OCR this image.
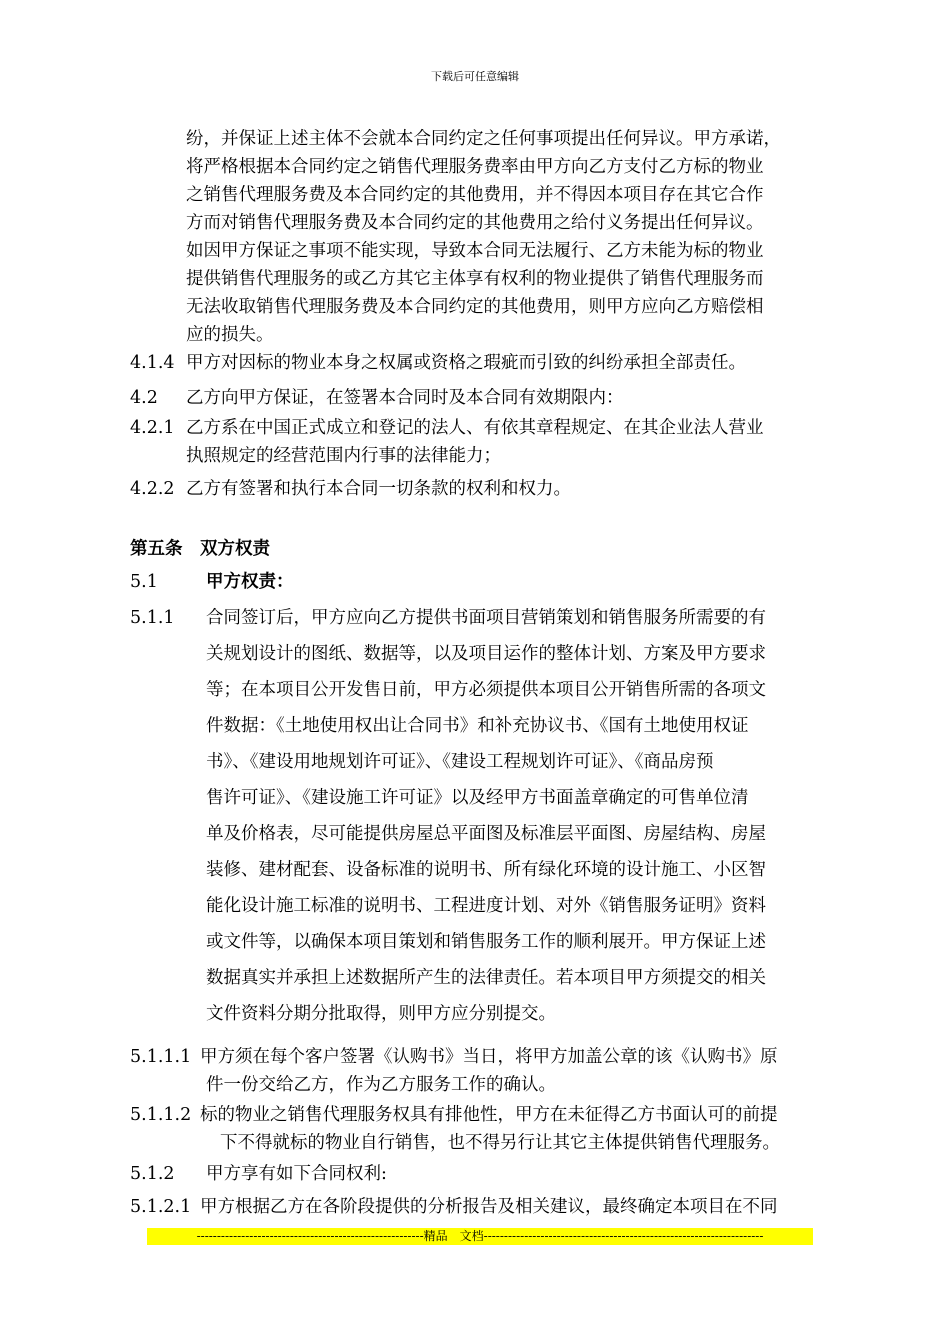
下载后可任意编辑
纷，并保证上述主体不会就本合同约定之任何事项提出任何异议。甲方承诺，
将严格根据本合同约定之销售代理服务费率由甲方向乙方支付乙方标的物业
之销售代理服务费及本合同约定的其他费用，并不得因本项目存在其它合作
方而对销售代理服务费及本合同约定的其他费用之给付义务提出任何异议。
如因甲方保证之事项不能实现，导致本合同无法履行、乙方未能为标的物业
提供销售代理服务的或乙方其它主体享有权利的物业提供了销售代理服务而
无法收取销售代理服务费及本合同约定的其他费用，则甲方应向乙方赔偿相
应的损失。
4.1.4 甲方对因标的物业本身之权属或资格之瑕疵而引致的纠纷承担全部责任。
4.2 乙方向甲方保证，在签署本合同时及本合同有效期限内：
4.2.1 乙方系在中国正式成立和登记的法人、有依其章程规定、在其企业法人营业
执照规定的经营范围内行事的法律能力；
4.2.2 乙方有签署和执行本合同一切条款的权利和权力。
第五条　双方权责
5.1	甲方权责：
5.1.1 合同签订后，甲方应向乙方提供书面项目营销策划和销售服务所需要的有
关规划设计的图纸、数据等，以及项目运作的整体计划、方案及甲方要求
等；在本项目公开发售日前，甲方必须提供本项目公开销售所需的各项文
件数据：《土地使用权出让合同书》和补充协议书、《国有土地使用权证
书》、《建设用地规划许可证》、《建设工程规划许可证》、《商品房预
售许可证》、《建设施工许可证》以及经甲方书面盖章确定的可售单位清
单及价格表，尽可能提供房屋总平面图及标准层平面图、房屋结构、房屋
装修、建材配套、设备标准的说明书、所有绿化环境的设计施工、小区智
能化设计施工标准的说明书、工程进度计划、对外《销售服务证明》资料
或文件等，以确保本项目策划和销售服务工作的顺利展开。甲方保证上述
数据真实并承担上述数据所产生的法律责任。若本项目甲方须提交的相关
文件资料分期分批取得，则甲方应分别提交。
5.1.1.1 甲方须在每个客户签署《认购书》当日，将甲方加盖公章的该《认购书》原
件一份交给乙方，作为乙方服务工作的确认。
5.1.1.2 标的物业之销售代理服务权具有排他性，甲方在未征得乙方书面认可的前提
下不得就标的物业自行销售，也不得另行让其它主体提供销售代理服务。
5.1.2 甲方享有如下合同权利:
5.1.2.1 甲方根据乙方在各阶段提供的分析报告及相关建议，最终确定本项目在不同
--------------------------------------------------------精品　文档---------------------------------------------------------------------
